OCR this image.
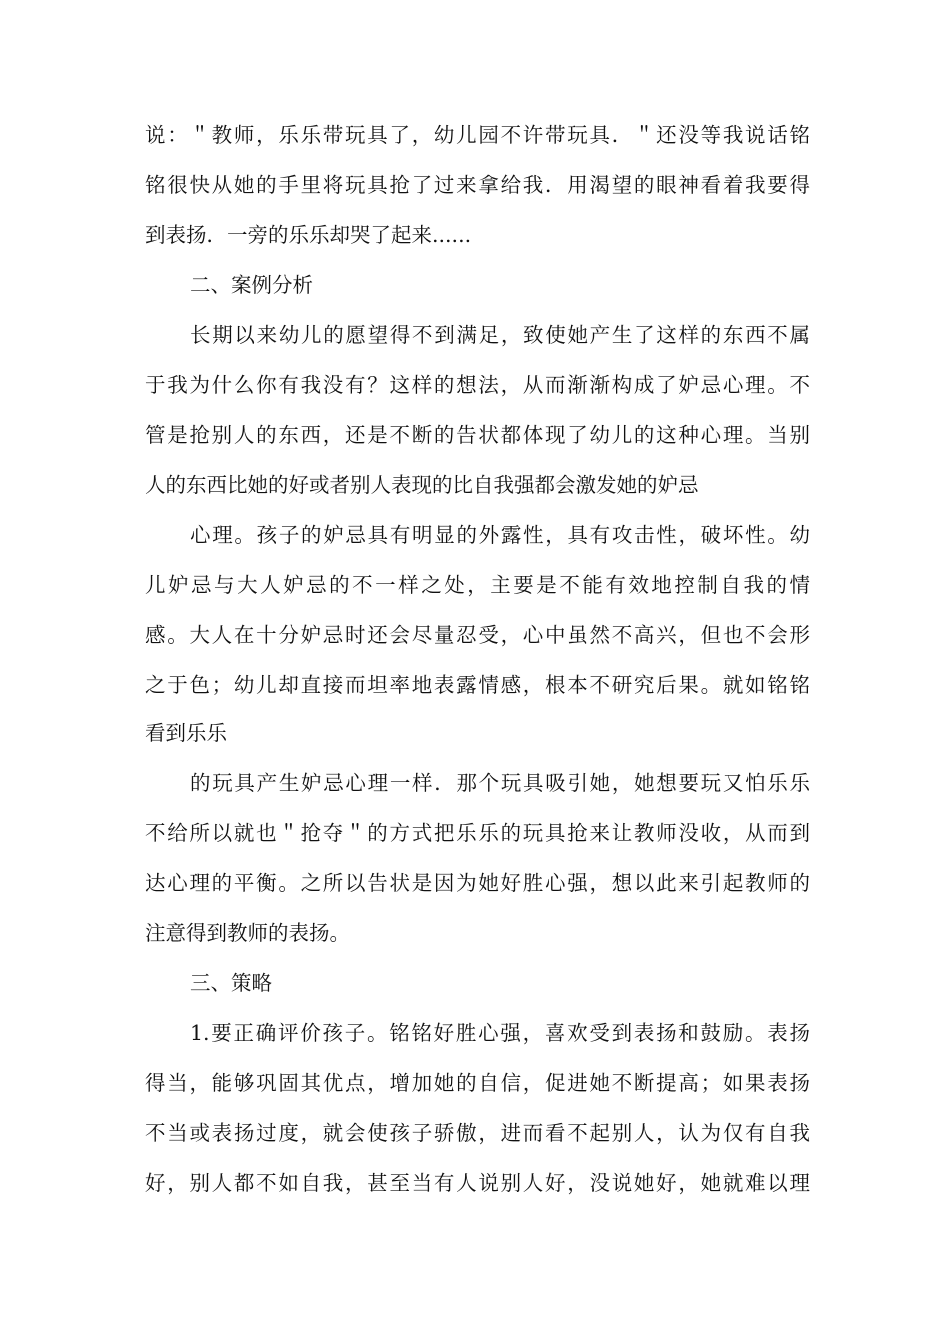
说：＂教师，乐乐带玩具了，幼儿园不许带玩具．＂还没等我说话铭
铭很快从她的手里将玩具抢了过来拿给我．用渴望的眼神看着我要得
到表扬．一旁的乐乐却哭了起来......
二、案例分析
长期以来幼儿的愿望得不到满足，致使她产生了这样的东西不属
于我为什么你有我没有？这样的想法，从而渐渐构成了妒忌心理。不
管是抢别人的东西，还是不断的告状都体现了幼儿的这种心理。当别
人的东西比她的好或者别人表现的比自我强都会激发她的妒忌
心理。孩子的妒忌具有明显的外露性，具有攻击性，破坏性。幼
儿妒忌与大人妒忌的不一样之处，主要是不能有效地控制自我的情
感。大人在十分妒忌时还会尽量忍受，心中虽然不高兴，但也不会形
之于色；幼儿却直接而坦率地表露情感，根本不研究后果。就如铭铭
看到乐乐
的玩具产生妒忌心理一样．那个玩具吸引她，她想要玩又怕乐乐
不给所以就也＂抢夺＂的方式把乐乐的玩具抢来让教师没收，从而到
达心理的平衡。之所以告状是因为她好胜心强，想以此来引起教师的
注意得到教师的表扬。
三、策略
1.要正确评价孩子。铭铭好胜心强，喜欢受到表扬和鼓励。表扬
得当，能够巩固其优点，增加她的自信，促进她不断提高；如果表扬
不当或表扬过度，就会使孩子骄傲，进而看不起别人，认为仅有自我
好，别人都不如自我，甚至当有人说别人好，没说她好，她就难以理
